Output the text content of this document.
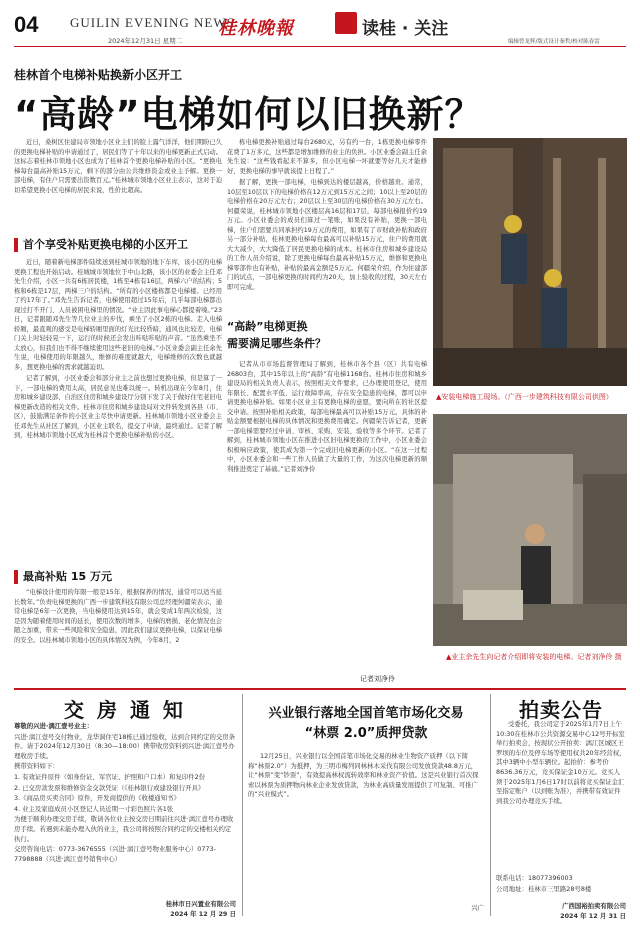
04 GUILIN EVENING NEWS
2024年12月31日 星期二
桂林晚報	读桂 · 关注
编辑曾龙辉/版式设计秦哲/校对陈春雷
桂林首个电梯补贴换新小区开工
“高龄”电梯如何以旧换新？

近日，桑树区住建局市领地小区业主们的脸上露气洋洋，他们期盼已久的更换电梯补贴的申请通过了，居民们等了十年以来的电梯更新正式启动。这标志着桂林市领地小区也成为了桂林首个更换电梯补贴的小区。“更换电梯每台最高补贴15万元，剩下的部分由公共维修资金或业主予解。更换一部电梯，有住户只需要出资数百元。”桂林城市领地小区业主表示，这对于迫切希望更换小区电梯的居民来说，性价比超高。

首个享受补贴更换电梯的小区开工

近日，随着新电梯部件陆续送到桂城市领地的地下车库，该小区的电梯更换工程也开始启动。桂城城市领地位于中山北路，该小区的业委会主任邓先生介绍，小区一共有6栋居民楼，1栋至4栋有16层，两梯六户的结构；5栋和6栋是17层，两梯三户的结构。“所有的小区楼栋都是电梯楼。已经用了约17年了。”邓先生告诉记者，电梯使用超过15年后，几乎每部电梯都出现过打不开门、人员被困电梯里的情况。“业主因此事电梯心都提着嗓。”23日，记者跟随邓先生等几位业主的步伐，乘坐了小区2栋的电梯。走入电梯轿厢，最直观的感受是电梯轿厢里面的灯光比较昏暗，通风也比较差，电梯门关上时轻轻晃一下，运行的时候还会发出咔哒咔哒的声音。“虽然乘坐不太放心，但我们也不得不继续使用这些老旧的电梯。”小区业委会副主任余先生说，电梯使用的年限越久，维修的难度就越大，电梯维修的次数也就越多，想更换电梯的需求就越迫切。

记者了解到，小区业委会和部分业主之前也想过更换电梯，但是算了一下，一部电梯的费用太高，居民意见也难以统一。转机出现在今年8月，住房和城乡建设部、自治区住房和城乡建设厅分别下发了关于做好住宅老旧电梯更新改造的相关文件。桂林市住房和城乡建设局对文件转发到各县（市、区），鼓励满足条件的小区业主尽快申请更新。桂林城市领地小区业委会主任邓先生从社区了解到，小区业主联名，提交了申请，最终通过。记者了解到，桂林城市领地小区成为桂林首个更换电梯补贴的小区。

最高补贴 15 万元

“电梯设计使用的年限一般是15年，根据保养的情况，通常可以适当延长数年。”负责电梯更换的广西一步建筑科技有限公司总经理何疆荣表示，通常电梯是6年一次更换，当电梯使用达到15年，就会变成1年两次检验，这是因为随着使用时间的延长，使用次数的增多，电梯的磨损、老化情况也会随之加重，带来一些风险和安全隐患，因此我们建议更换电梯，以保证电梯的安全。以桂林城市领地小区的具体情况为例，今年8月，2

栋电梯更换补贴通过每台2680元，另有约一台，1栋更换电梯零件花费了1万多元，这些都是增加维修的业主的负担。小区业委会副主任余先生说：“这些钱看起来不算多，但小区电梯一坏就要等好几天才能修好，更换电梯的事早就该提上日程了。”

据了解，更换一部电梯，电梯到达的楼层越高，价格越贵。通常，10层至10层以下的电梯价格在12万元到15万元之间；10以上至20层的电梯价格在20万元左右；20层以上至30层的电梯价格在30万元左右。何疆荣说，桂林城市领地小区楼层高16层和17层，每部电梯报价约19万元。小区业委会的成员们算过一笔账，如果没有补贴，更换一部电梯，住户们需要共同承担约19万元的费用，如果有了市财政补贴和政府另一部分补贴，桂林更换电梯每台最高可以补贴15万元，住户的费用就大大减少，大大降低了居民更换电梯的成本。桂林市住房和城乡建设局的工作人员介绍说，除了更换电梯每台最高补贴15万元，维修和更换电梯零部件也有补贴，补贴的最高金额是5万元。何疆荣介绍，作为住建部门的试点，一部电梯更换的时间约为20天，加上验收的过程，30天左右即可完成。

“高龄”电梯更换
需要满足哪些条件？

记者从市市场监督管理局了解到，桂林市各个县（区）共有电梯26803台，其中15年以上的“高龄”有电梯1168台。桂林市住房和城乡建设局的相关负责人表示，按照相关文件要求，已办理使用登记，使用年限长、配置水平低、运行故障率高，存在安全隐患的电梯，都可以申请更换电梯补贴。如果小区业主有更换电梯的意愿，要向所在的社区提交申请。按照补贴相关政策，每部电梯最高可以补贴15万元。具体的补贴金额要根据电梯的具体情况和更换费用确定。何疆荣告诉记者，更新一部电梯需要经过申请、审核、采购、安装、验收等多个环节。记者了解到，桂林城市领地小区在推进小区旧电梯更换的工作中，小区业委会积极响应政策，使其成为第一个完成旧电梯更新的小区。“在这一过程中，小区业委会和一些工作人员做了大量的工作，为这次电梯更新的顺利推进奠定了基础。”记者刘净伶

记者刘净伶
▲安装电梯施工现场。（广西一步建筑科技有限公司供图）
▲业主余先生向记者介绍即将安装的电梯。记者刘净伶 摄
交 房 通 知

尊敬的兴进·漓江壹号业主：

兴进·漓江壹号交付物业，龙华洞住宅18栋已通过验收，达到合同约定的交房条件。请于2024年12月30日（8:30—18:00）携带收房资料到兴进·漓江壹号办理收房手续。

携带资料如下：

1. 有效证件原件（如身份证、军官证、护照和户口本）和复印件2份

2. 已交房款发票和维修资金交款凭证（《桂林银行或建设银行开具》

3.《商品房买卖合同》原件，开发商提供的《收楼通知书》

4. 业主及家庭成员小区登记人员近期一寸彩色照片各1张

为便于顺利办理交房手续，敬请各位业主按交房日期前往兴进·漓江壹号办理收房手续。若遇到未能办理入伙的业主，我公司将按照合同约定的交楼相关约定执行。

交房咨询电话：0773-3676555（兴进·漓江壹号物业服务中心）0773-7798888（兴进·漓江壹号销售中心）

桂林市日兴置业有限公司
2024 年 12 月 29 日
兴业银行落地全国首笔市场化交易
“林票 2.0”质押贷款
12月25日，兴业银行以全国首笔市场化交易的林业生物资产质押（以下简称“林票2.0”）为抵押，为三明市梅列同林林木采伐有限公司发放贷款48.8万元，让“林票”变“钞票”，有效提高林权流转效率和林业资产价值。这是兴业银行首次探索以林票为质押物向林业企业发放贷款，为林业高质量发展提供了可复制、可推广的“兴业模式”。
兴广
拍卖公告
受委托，我公司定于2025年1月7日上午10:30在桂林市公共资源交易中心12号开标室举行拍卖会，按现状公开拍卖：漓江区城区王罗坝的车位及停车场等使用权共20年经营权，其中3辆中小型车辆位。起拍价：参考价8636.36万元，竞买保证金10万元。竞买人须于2025年1月6日17时以前将竞买保证金汇至指定账户（以到账为准），并携带有效证件到我公司办理竞买手续。

联系电话：18077396003

公司地址：桂林市三里路28号8楼

广西国裕拍卖有限公司
2024 年 12 月 31 日
